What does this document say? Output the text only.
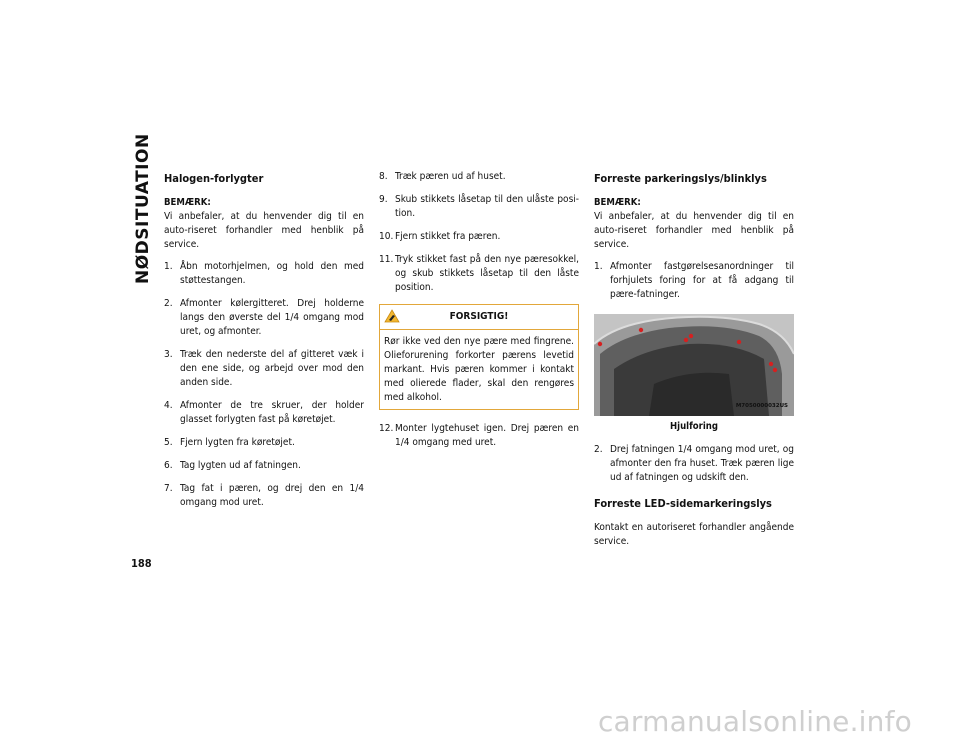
NØDSITUATION
188
Halogen-forlygter
BEMÆRK:

Vi anbefaler, at du henvender dig til en auto-riseret forhandler med henblik på service.

1. Åbn motorhjelmen, og hold den med støttestangen.
2. Afmonter kølergitteret. Drej holderne langs den øverste del 1/4 omgang mod uret, og afmonter.
3. Træk den nederste del af gitteret væk i den ene side, og arbejd over mod den anden side.
4. Afmonter de tre skruer, der holder glasset forlygten fast på køretøjet.
5. Fjern lygten fra køretøjet.
6. Tag lygten ud af fatningen.
7. Tag fat i pæren, og drej den en 1/4 omgang mod uret.
8. Træk pæren ud af huset.
9. Skub stikkets låsetap til den ulåste posi-tion.
10. Fjern stikket fra pæren.
11. Tryk stikket fast på den nye pæresokkel, og skub stikkets låsetap til den låste position.
FORSIGTIG!
Rør ikke ved den nye pære med fingrene. Olieforurening forkorter pærens levetid markant. Hvis pæren kommer i kontakt med olierede flader, skal den rengøres med alkohol.
12. Monter lygtehuset igen. Drej pæren en 1/4 omgang med uret.
Forreste parkeringslys/blinklys
BEMÆRK:

Vi anbefaler, at du henvender dig til en auto-riseret forhandler med henblik på service.

1. Afmonter fastgørelsesanordninger til forhjulets foring for at få adgang til pære-fatninger.
M7050000032US
Hjulforing
2. Drej fatningen 1/4 omgang mod uret, og afmonter den fra huset. Træk pæren lige ud af fatningen og udskift den.
Forreste LED-sidemarkeringslys

Kontakt en autoriseret forhandler angående service.

carmanualsonline.info
